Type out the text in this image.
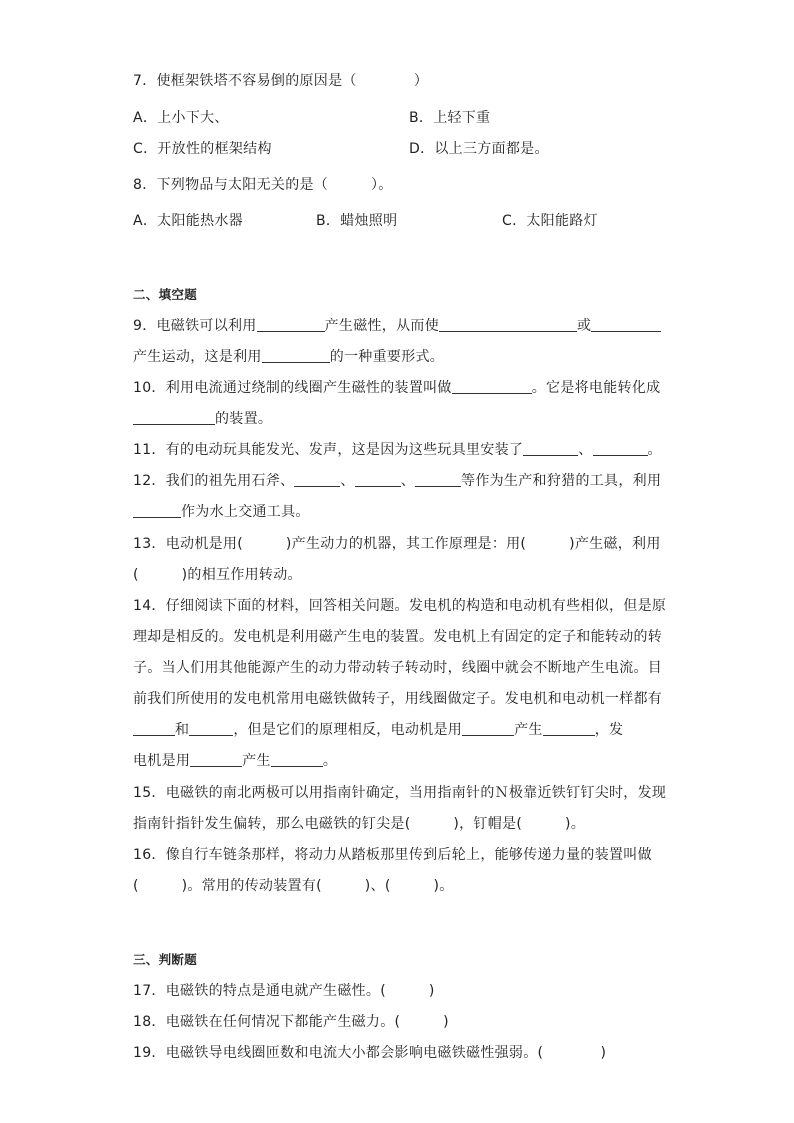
7．使框架铁塔不容易倒的原因是（　　　　）
A．上小下大、	B．上轻下重
C．开放性的框架结构	D．以上三方面都是。
8．下列物品与太阳无关的是（　　　）。
A．太阳能热水器	B．蜡烛照明	C．太阳能路灯
二、填空题
9．电磁铁可以利用	产生磁性，从而使	或
产生运动，这是利用	的一种重要形式。
10．利用电流通过绕制的线圈产生磁性的装置叫做	。它是将电能转化成
的装置。
11．有的电动玩具能发光、发声，这是因为这些玩具里安装了	、	。
12．我们的祖先用石斧、	、	、	等作为生产和狩猎的工具，利用
作为水上交通工具。
13．电动机是用(　　　)产生动力的机器，其工作原理是：用(　　　)产生磁，利用
(　　　)的相互作用转动。
14．仔细阅读下面的材料，回答相关问题。发电机的构造和电动机有些相似，但是原
理却是相反的。发电机是利用磁产生电的装置。发电机上有固定的定子和能转动的转
子。当人们用其他能源产生的动力带动转子转动时，线圈中就会不断地产生电流。目
前我们所使用的发电机常用电磁铁做转子，用线圈做定子。发电机和电动机一样都有
和	，但是它们的原理相反，电动机是用	产生	，发
电机是用	产生	。
15．电磁铁的南北两极可以用指南针确定，当用指南针的Ｎ极靠近铁钉钉尖时，发现
指南针指针发生偏转，那么电磁铁的钉尖是(　　　)，钉帽是(　　　)。
16．像自行车链条那样，将动力从踏板那里传到后轮上，能够传递力量的装置叫做
(　　　)。常用的传动装置有(　　　)、(　　　)。
三、判断题
17．电磁铁的特点是通电就产生磁性。(　　　)
18．电磁铁在任何情况下都能产生磁力。(　　　)
19．电磁铁导电线圈匝数和电流大小都会影响电磁铁磁性强弱。(　　　　)
